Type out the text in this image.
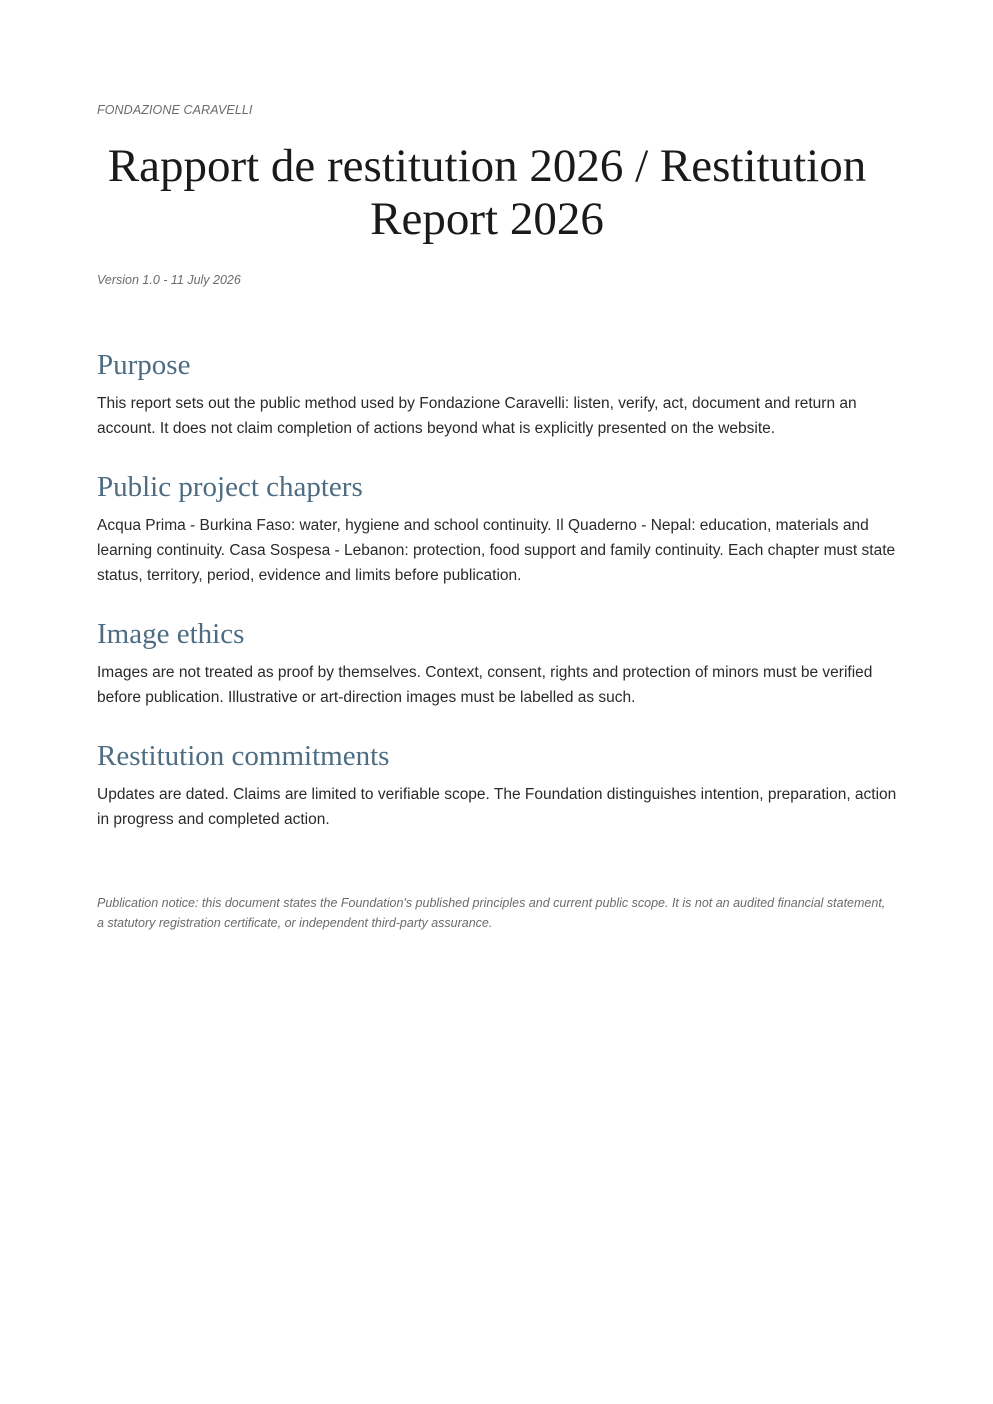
FONDAZIONE CARAVELLI
Rapport de restitution 2026 / Restitution Report 2026
Version 1.0 - 11 July 2026
Purpose

This report sets out the public method used by Fondazione Caravelli: listen, verify, act, document and return an account. It does not claim completion of actions beyond what is explicitly presented on the website.

Public project chapters

Acqua Prima - Burkina Faso: water, hygiene and school continuity. Il Quaderno - Nepal: education, materials and learning continuity. Casa Sospesa - Lebanon: protection, food support and family continuity. Each chapter must state status, territory, period, evidence and limits before publication.

Image ethics

Images are not treated as proof by themselves. Context, consent, rights and protection of minors must be verified before publication. Illustrative or art-direction images must be labelled as such.

Restitution commitments

Updates are dated. Claims are limited to verifiable scope. The Foundation distinguishes intention, preparation, action in progress and completed action.

Publication notice: this document states the Foundation's published principles and current public scope. It is not an audited financial statement, a statutory registration certificate, or independent third-party assurance.
